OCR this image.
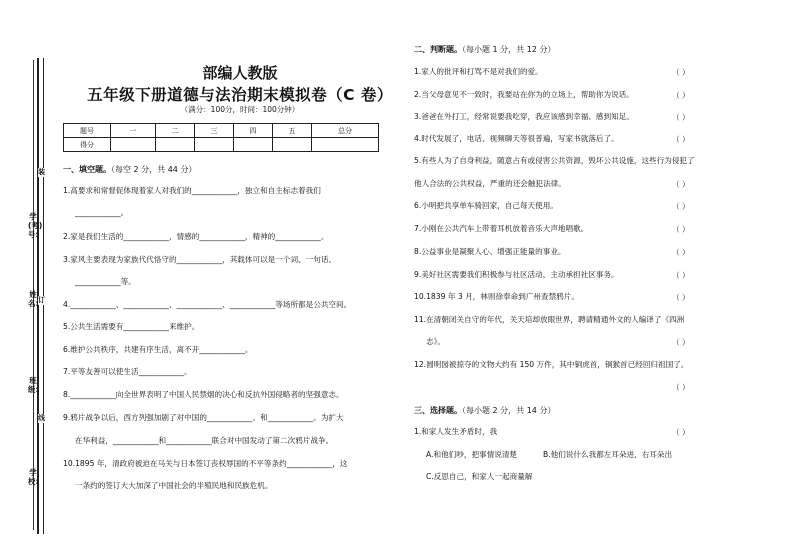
装
订
线
学(考)号:
姓名:
班级:
学校:
部编人教版
五年级下册道德与法治期末模拟卷（C 卷）
（满分：100分，时间：100分钟）
题号	一	二	三	四	五	总分
得分						
一、填空题。（每空 2 分，共 44 分）
1.高要求和常督促体现着家人对我们的____________，独立和自主标志着我们
____________。
2.家是我们生活的____________，情感的____________，精神的____________。
3.家风主要表现为家族代代恪守的____________，其载体可以是一个词、一句话、
____________等。
4.____________、____________、____________、____________等场所都是公共空间。
5.公共生活需要有____________来维护。
6.维护公共秩序，共建有序生活，离不开____________。
7.平等友善可以使生活____________。
8.____________向全世界表明了中国人民禁烟的决心和反抗外国侵略者的坚强意志。
9.鸦片战争以后，西方列强加剧了对中国的____________、和____________。为扩大
在华利益，____________和____________联合对中国发动了第二次鸦片战争。
10.1895 年，清政府被迫在马关与日本签订丧权辱国的不平等条约____________，这
一条约的签订大大加深了中国社会的半殖民地和民族危机。
二、判断题。（每小题 1 分，共 12 分）
1.家人的批评和打骂不是对我们的爱。	（ ）
2.当父母意见不一致时，我要站在你为的立场上，帮助你为说话。	（ ）
3.爸爸在外打工，经常说要我吃穿，我应该感到幸福、感到知足。	（ ）
4.时代发展了，电话、视频聊天等很普遍，写家书就落后了。	（ ）
5.有些人为了自身利益，随意占有或侵害公共资源，毁坏公共设施，这些行为侵犯了
他人合法的公共权益，严重的还会触犯法律。	（ ）
6.小明把共享单车骑回家，自己每天使用。	（ ）
7.小刚在公共汽车上带着耳机放着音乐大声地唱歌。	（ ）
8.公益事业是凝聚人心、增强正能量的事业。	（ ）
9.美好社区需要我们积极参与社区活动，主动承担社区事务。	（ ）
10.1839 年 3 月，林则徐奉命到广州查禁鸦片。	（ ）
11.在清朝闭关自守的年代，关天培却放眼世界，聘请精通外文的人编译了《四洲
志》。	（ ）
12.圆明园被掠夺的文物大约有 150 万件，其中铜虎首，铜猴首已经回归祖国了。
（ ）
三、选择题。（每小题 2 分，共 14 分）
1.和家人发生矛盾时，我	（ ）
A.和他们吵，把事情说清楚	B.他们说什么我都左耳朵进，右耳朵出
C.反思自己，和家人一起商量解
